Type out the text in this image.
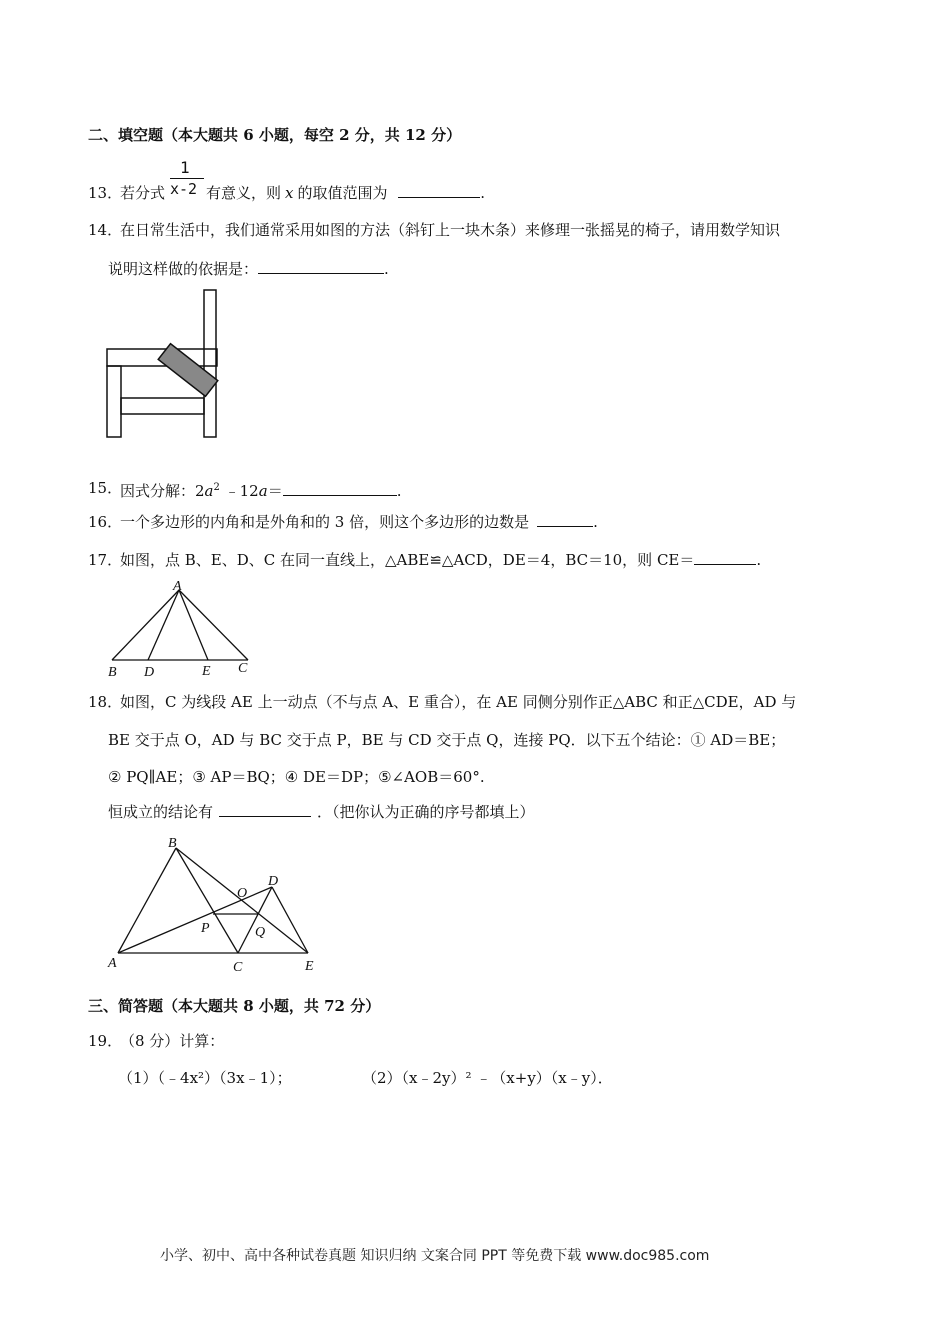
二、填空题（本大题共 6 小题，每空 2 分，共 12 分）
1
x-2
13．
若分式	有意义，则 x 的取值范围为	.
14．
在日常生活中，我们通常采用如图的方法（斜钉上一块木条）来修理一张摇晃的椅子，请用数学知识
说明这样做的依据是：	.
15．
因式分解：$2a^2$ ﹣12a＝	.
16．
一个多边形的内角和是外角和的 3 倍，则这个多边形的边数是	.
17．
如图，点 B、E、D、C 在同一直线上，△ABE≌△ACD，DE＝4，BC＝10，则 CE＝	.
A
B D	E C
18．
如图，C 为线段 AE 上一动点（不与点 A、E 重合），在 AE 同侧分别作正△ABC 和正△CDE，AD 与
BE 交于点 O，AD 与 BC 交于点 P，BE 与 CD 交于点 Q，连接 PQ．以下五个结论：① AD＝BE；
② PQ∥AE；③ AP＝BQ；④ DE＝DP；⑤∠AOB＝60°.
恒成立的结论有	．（把你认为正确的序号都填上）
B
D
O
P	Q
A	C	E
三、简答题（本大题共 8 小题，共 72 分）
19．
（8 分）计算：
（1）（﹣4x²）（3x﹣1）；	（2）（x﹣2y）² ﹣（x+y）（x﹣y）．
小学、初中、高中各种试卷真题 知识归纳 文案合同 PPT 等免费下载 www.doc985.com
